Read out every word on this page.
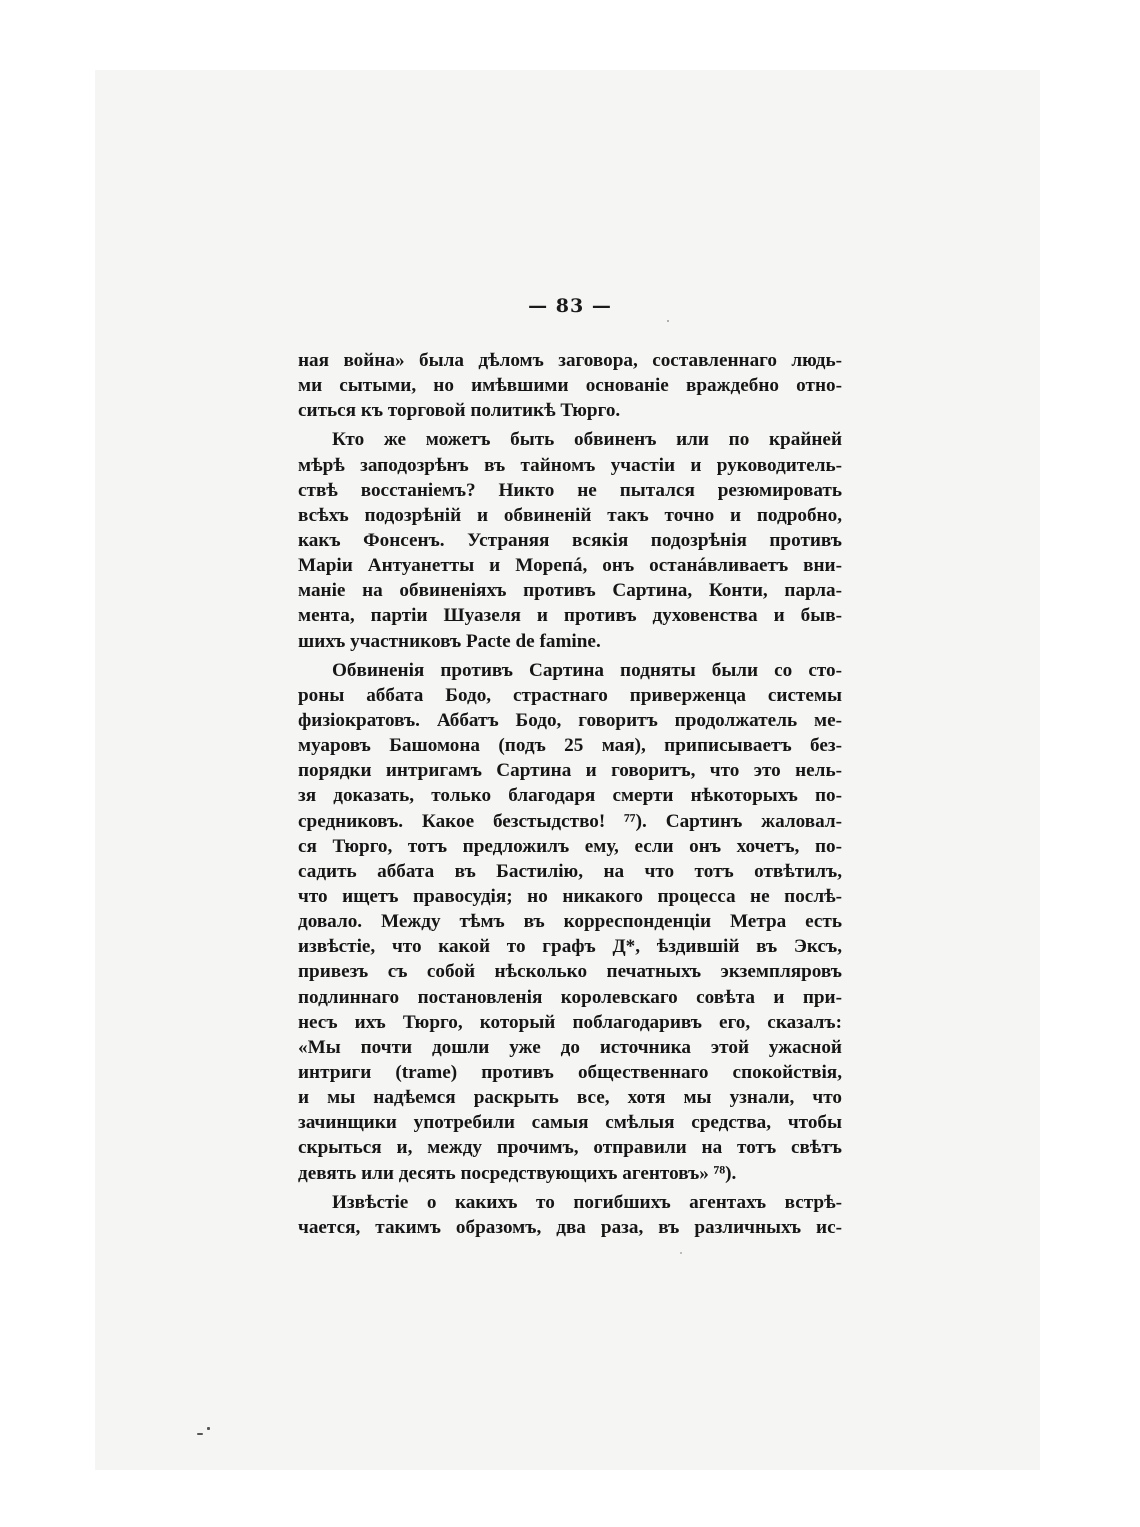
— 83 —
ная война» была дѣломъ заговора, составленнаго людь-
ми сытыми, но имѣвшими основаніе враждебно отно-
ситься къ торговой политикѣ Тюрго.
Кто же можетъ быть обвиненъ или по крайней
мѣрѣ заподозрѣнъ въ тайномъ участіи и руководитель-
ствѣ восстаніемъ? Никто не пытался резюмировать
всѣхъ подозрѣній и обвиненій такъ точно и подробно,
какъ Фонсенъ. Устраняя всякія подозрѣнія противъ
Маріи Антуанетты и Морепá, онъ останáвливаетъ вни-
маніе на обвиненіяхъ противъ Сартина, Конти, парла-
мента, партіи Шуазеля и противъ духовенства и быв-
шихъ участниковъ Pacte de famine.
Обвиненія противъ Сартина подняты были со сто-
роны аббата Бодо, страстнаго приверженца системы
физіократовъ. Аббатъ Бодо, говоритъ продолжатель ме-
муаровъ Башомона (подъ 25 мая), приписываетъ без-
порядки интригамъ Сартина и говоритъ, что это нель-
зя доказать, только благодаря смерти нѣкоторыхъ по-
средниковъ. Какое безстыдство! ⁷⁷). Сартинъ жаловал-
ся Тюрго, тотъ предложилъ ему, если онъ хочетъ, по-
садить аббата въ Бастилію, на что тотъ отвѣтилъ,
что ищетъ правосудія; но никакого процесса не послѣ-
довало. Между тѣмъ въ корреспонденціи Метра есть
извѣстіе, что какой то графъ Д*, ѣздившій въ Эксъ,
привезъ съ собой нѣсколько печатныхъ экземпляровъ
подлиннаго постановленія королевскаго совѣта и при-
несъ ихъ Тюрго, который поблагодаривъ его, сказалъ:
«Мы почти дошли уже до источника этой ужасной
интриги (trame) противъ общественнаго спокойствія,
и мы надѣемся раскрыть все, хотя мы узнали, что
зачинщики употребили самыя смѣлыя средства, чтобы
скрыться и, между прочимъ, отправили на тотъ свѣтъ
девять или десять посредствующихъ агентовъ» ⁷⁸).
Извѣстіе о какихъ то погибшихъ агентахъ встрѣ-
чается, такимъ образомъ, два раза, въ различныхъ ис-
